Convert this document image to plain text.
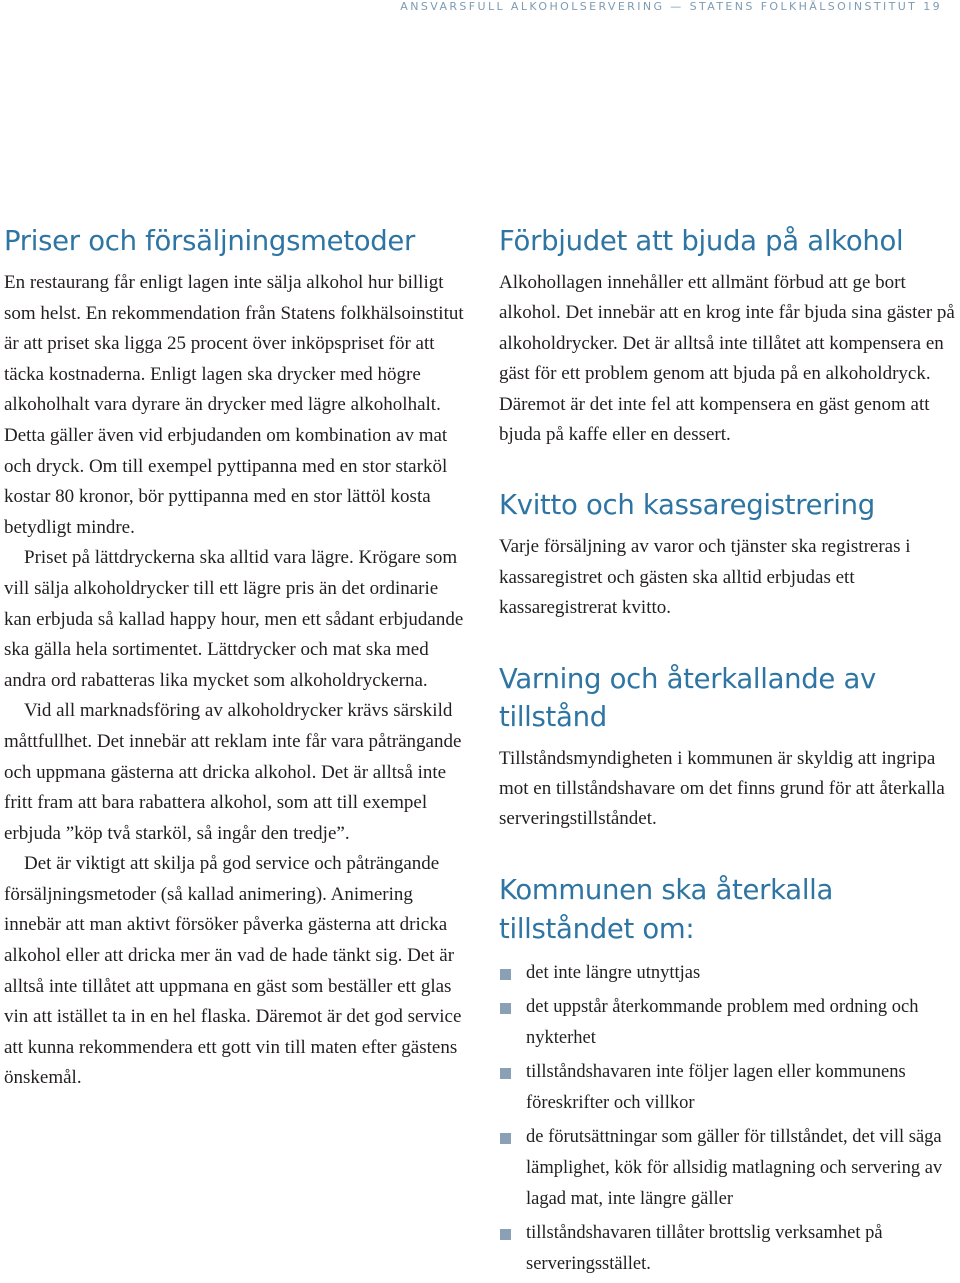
ANSVARSFULL ALKOHOLSERVERING — STATENS FOLKHÄLSOINSTITUT 19
Priser och försäljningsmetoder

En restaurang får enligt lagen inte sälja alkohol hur billigt som helst. En rekommendation från Statens folkhälsoinstitut är att priset ska ligga 25 procent över inköpspriset för att täcka kostnaderna. Enligt lagen ska drycker med högre alkoholhalt vara dyrare än drycker med lägre alkoholhalt. Detta gäller även vid erbjudanden om kombination av mat och dryck. Om till exempel pyttipanna med en stor starköl kostar 80 kronor, bör pyttipanna med en stor lättöl kosta betydligt mindre.

Priset på lättdryckerna ska alltid vara lägre. Krögare som vill sälja alkoholdrycker till ett lägre pris än det ordinarie kan erbjuda så kallad happy hour, men ett sådant erbjudande ska gälla hela sortimentet. Lättdrycker och mat ska med andra ord rabatteras lika mycket som alkoholdryckerna.

Vid all marknadsföring av alkoholdrycker krävs särskild måttfullhet. Det innebär att reklam inte får vara påträngande och uppmana gästerna att dricka alkohol. Det är alltså inte fritt fram att bara rabattera alkohol, som att till exempel erbjuda ”köp två starköl, så ingår den tredje”.

Det är viktigt att skilja på god service och påträngande försäljningsmetoder (så kallad animering). Animering innebär att man aktivt försöker påverka gästerna att dricka alkohol eller att dricka mer än vad de hade tänkt sig. Det är alltså inte tillåtet att uppmana en gäst som beställer ett glas vin att istället ta in en hel flaska. Däremot är det god service att kunna rekommendera ett gott vin till maten efter gästens önskemål.

Förbjudet att bjuda på alkohol

Alkohollagen innehåller ett allmänt förbud att ge bort alkohol. Det innebär att en krog inte får bjuda sina gäster på alkoholdrycker. Det är alltså inte tillåtet att kompensera en gäst för ett problem genom att bjuda på en alkoholdryck. Däremot är det inte fel att kompensera en gäst genom att bjuda på kaffe eller en dessert.

Kvitto och kassaregistrering

Varje försäljning av varor och tjänster ska registreras i kassaregistret och gästen ska alltid erbjudas ett kassaregistrerat kvitto.

Varning och återkallande av tillstånd

Tillståndsmyndigheten i kommunen är skyldig att ingripa mot en tillståndshavare om det finns grund för att återkalla serveringstillståndet.

Kommunen ska återkalla tillståndet om:
det inte längre utnyttjas
det uppstår återkommande problem med ordning och nykterhet
tillståndshavaren inte följer lagen eller kommunens föreskrifter och villkor
de förutsättningar som gäller för tillståndet, det vill säga lämplighet, kök för allsidig matlagning och servering av lagad mat, inte längre gäller
tillståndshavaren tillåter brottslig verksamhet på serveringsstället.
